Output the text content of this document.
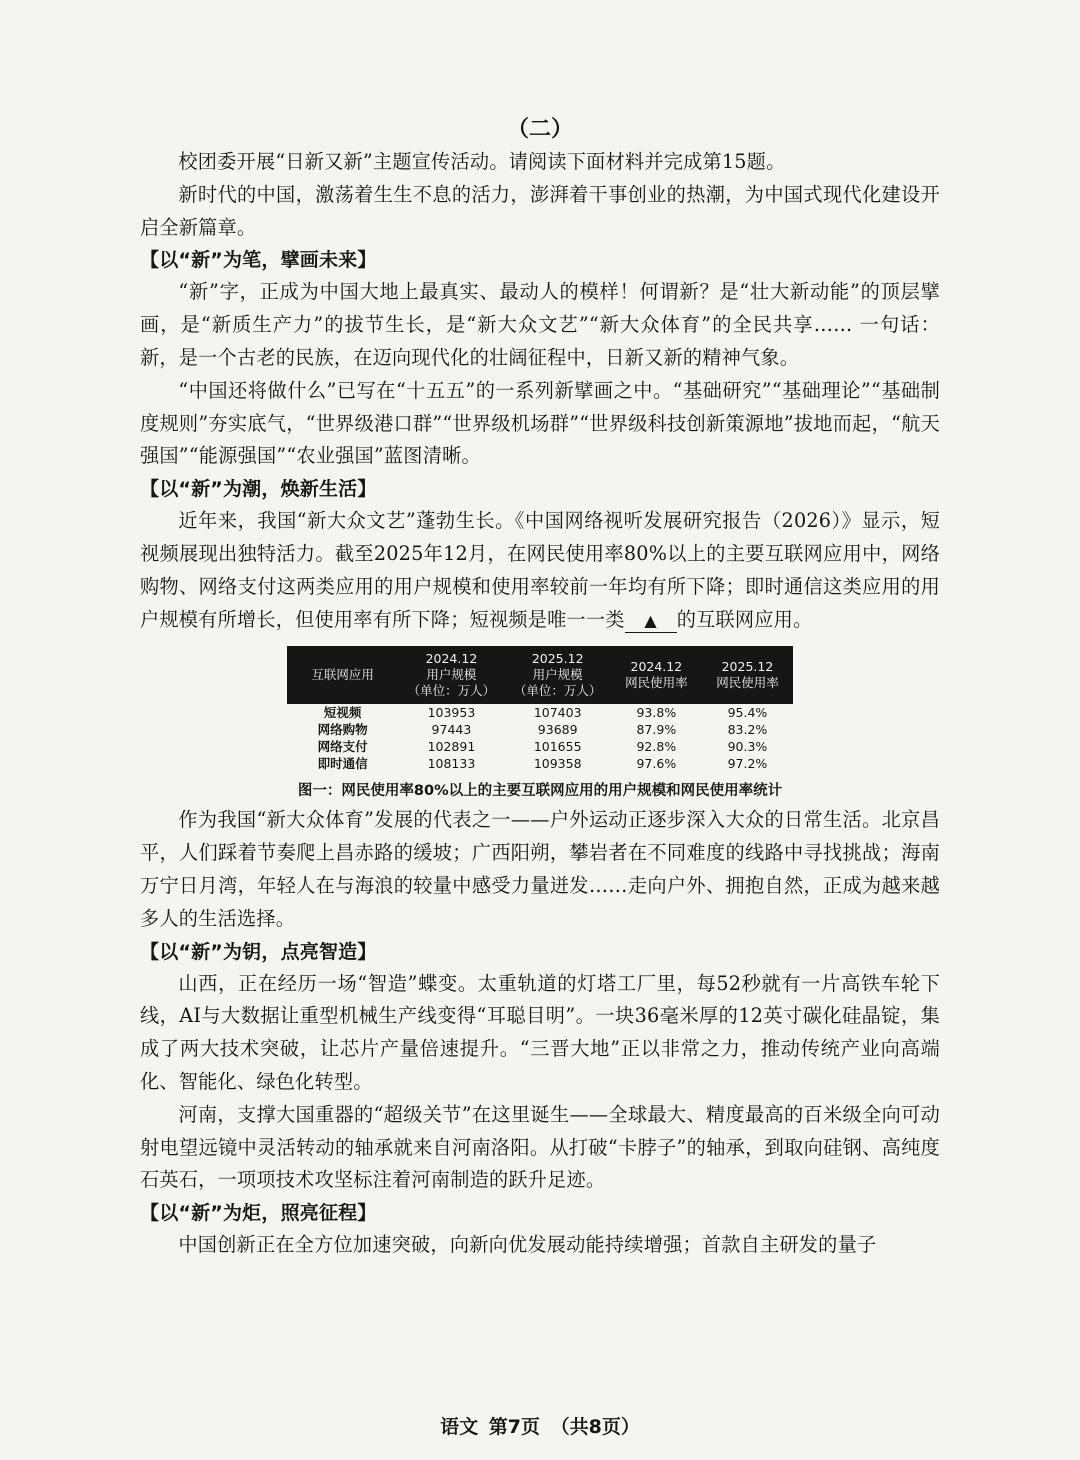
（二）

校团委开展“日新又新”主题宣传活动。请阅读下面材料并完成第15题。

新时代的中国，激荡着生生不息的活力，澎湃着干事创业的热潮，为中国式现代化建设开启全新篇章。

【以“新”为笔，擘画未来】

“新”字，正成为中国大地上最真实、最动人的模样！何谓新？是“壮大新动能”的顶层擘画，是“新质生产力”的拔节生长，是“新大众文艺”“新大众体育”的全民共享…… 一句话：新，是一个古老的民族，在迈向现代化的壮阔征程中，日新又新的精神气象。

“中国还将做什么”已写在“十五五”的一系列新擘画之中。“基础研究”“基础理论”“基础制度规则”夯实底气，“世界级港口群”“世界级机场群”“世界级科技创新策源地”拔地而起，“航天强国”“能源强国”“农业强国”蓝图清晰。

【以“新”为潮，焕新生活】

近年来，我国“新大众文艺”蓬勃生长。《中国网络视听发展研究报告（2026）》显示，短视频展现出独特活力。截至2025年12月，在网民使用率80%以上的主要互联网应用中，网络购物、网络支付这两类应用的用户规模和使用率较前一年均有所下降；即时通信这类应用的用户规模有所增长，但使用率有所下降；短视频是唯一一类 ▲ 的互联网应用。

互联网应用	2024.12
用户规模
（单位：万人）	2025.12
用户规模
（单位：万人）	2024.12
网民使用率	2025.12
网民使用率
短视频	103953	107403	93.8%	95.4%
网络购物	97443	93689	87.9%	83.2%
网络支付	102891	101655	92.8%	90.3%
即时通信	108133	109358	97.6%	97.2%
图一：网民使用率80%以上的主要互联网应用的用户规模和网民使用率统计

作为我国“新大众体育”发展的代表之一——户外运动正逐步深入大众的日常生活。北京昌平，人们踩着节奏爬上昌赤路的缓坡；广西阳朔，攀岩者在不同难度的线路中寻找挑战；海南万宁日月湾，年轻人在与海浪的较量中感受力量迸发……走向户外、拥抱自然，正成为越来越多人的生活选择。

【以“新”为钥，点亮智造】

山西，正在经历一场“智造”蝶变。太重轨道的灯塔工厂里，每52秒就有一片高铁车轮下线，AI与大数据让重型机械生产线变得“耳聪目明”。一块36毫米厚的12英寸碳化硅晶锭，集成了两大技术突破，让芯片产量倍速提升。“三晋大地”正以非常之力，推动传统产业向高端化、智能化、绿色化转型。

河南，支撑大国重器的“超级关节”在这里诞生——全球最大、精度最高的百米级全向可动射电望远镜中灵活转动的轴承就来自河南洛阳。从打破“卡脖子”的轴承，到取向硅钢、高纯度石英石，一项项技术攻坚标注着河南制造的跃升足迹。

【以“新”为炬，照亮征程】

中国创新正在全方位加速突破，向新向优发展动能持续增强；首款自主研发的量子

语文 第7页 （共8页）
